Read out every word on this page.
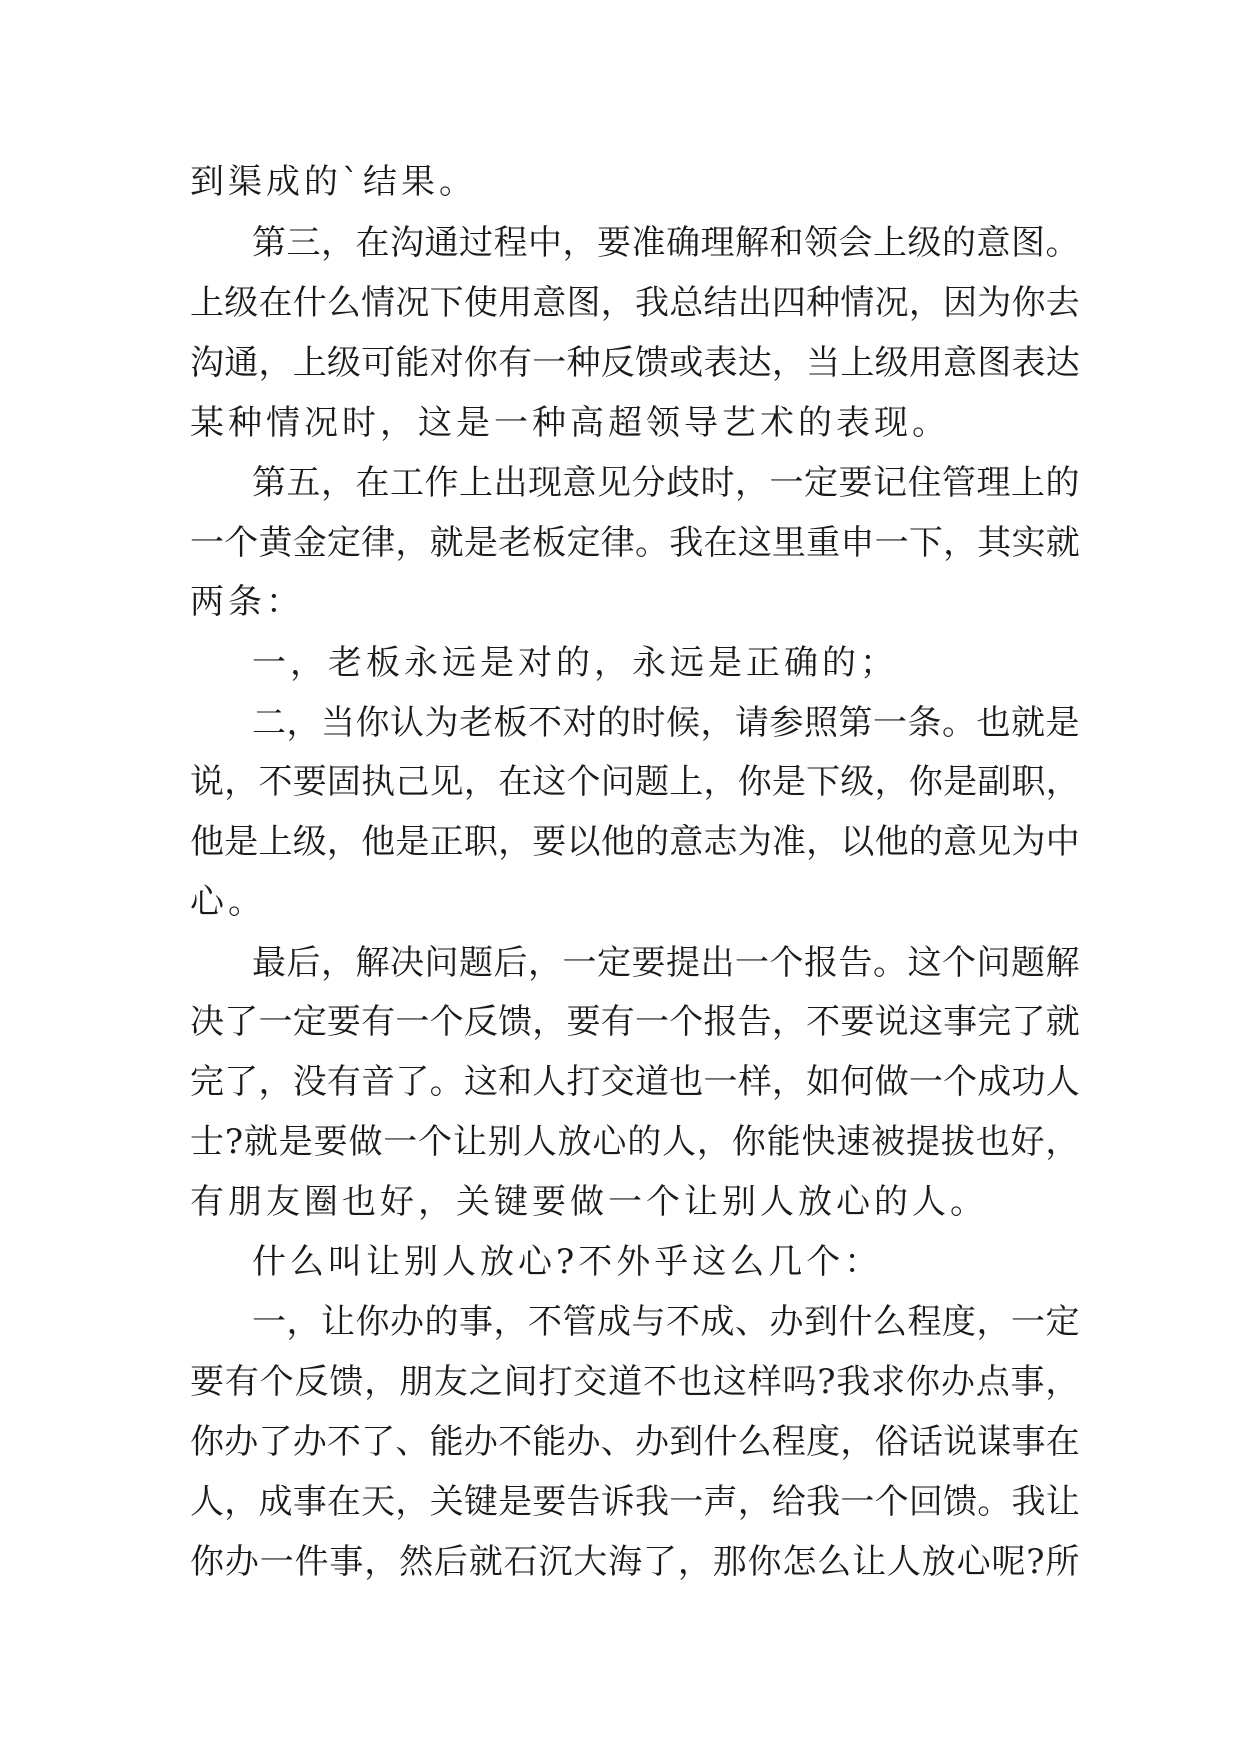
到渠成的`结果。
第三，在沟通过程中，要准确理解和领会上级的意图。
上级在什么情况下使用意图，我总结出四种情况，因为你去
沟通，上级可能对你有一种反馈或表达，当上级用意图表达
某种情况时，这是一种高超领导艺术的表现。
第五，在工作上出现意见分歧时，一定要记住管理上的
一个黄金定律，就是老板定律。我在这里重申一下，其实就
两条：
一，老板永远是对的，永远是正确的；
二，当你认为老板不对的时候，请参照第一条。也就是
说，不要固执己见，在这个问题上，你是下级，你是副职，
他是上级，他是正职，要以他的意志为准，以他的意见为中
心。
最后，解决问题后，一定要提出一个报告。这个问题解
决了一定要有一个反馈，要有一个报告，不要说这事完了就
完了，没有音了。这和人打交道也一样，如何做一个成功人
士?就是要做一个让别人放心的人，你能快速被提拔也好，
有朋友圈也好，关键要做一个让别人放心的人。
什么叫让别人放心?不外乎这么几个：
一，让你办的事，不管成与不成、办到什么程度，一定
要有个反馈，朋友之间打交道不也这样吗?我求你办点事，
你办了办不了、能办不能办、办到什么程度，俗话说谋事在
人，成事在天，关键是要告诉我一声，给我一个回馈。我让
你办一件事，然后就石沉大海了，那你怎么让人放心呢?所
